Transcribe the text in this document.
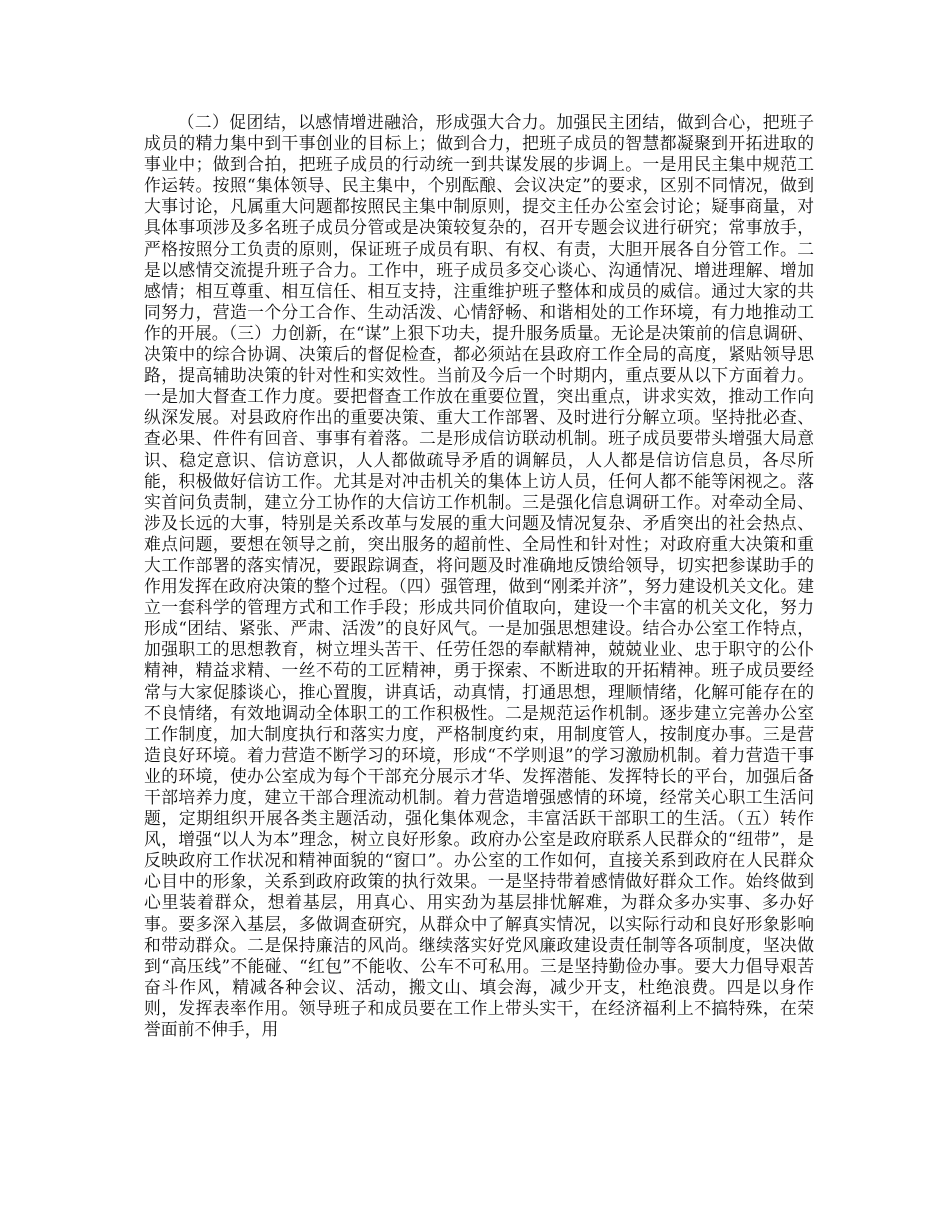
（二）促团结，以感情增进融洽，形成强大合力。加强民主团结，做到合心，把班子成员的精力集中到干事创业的目标上；做到合力，把班子成员的智慧都凝聚到开拓进取的事业中；做到合拍，把班子成员的行动统一到共谋发展的步调上。一是用民主集中规范工作运转。按照“集体领导、民主集中，个别酝酿、会议决定”的要求，区别不同情况，做到大事讨论，凡属重大问题都按照民主集中制原则，提交主任办公室会讨论；疑事商量，对具体事项涉及多名班子成员分管或是决策较复杂的，召开专题会议进行研究；常事放手，严格按照分工负责的原则，保证班子成员有职、有权、有责，大胆开展各自分管工作。二是以感情交流提升班子合力。工作中，班子成员多交心谈心、沟通情况、增进理解、增加感情；相互尊重、相互信任、相互支持，注重维护班子整体和成员的威信。通过大家的共同努力，营造一个分工合作、生动活泼、心情舒畅、和谐相处的工作环境，有力地推动工作的开展。（三）力创新，在“谋”上狠下功夫，提升服务质量。无论是决策前的信息调研、决策中的综合协调、决策后的督促检查，都必须站在县政府工作全局的高度，紧贴领导思路，提高辅助决策的针对性和实效性。当前及今后一个时期内，重点要从以下方面着力。一是加大督查工作力度。要把督查工作放在重要位置，突出重点，讲求实效，推动工作向纵深发展。对县政府作出的重要决策、重大工作部署、及时进行分解立项。坚持批必查、查必果、件件有回音、事事有着落。二是形成信访联动机制。班子成员要带头增强大局意识、稳定意识、信访意识，人人都做疏导矛盾的调解员，人人都是信访信息员，各尽所能，积极做好信访工作。尤其是对冲击机关的集体上访人员，任何人都不能等闲视之。落实首问负责制，建立分工协作的大信访工作机制。三是强化信息调研工作。对牵动全局、涉及长远的大事，特别是关系改革与发展的重大问题及情况复杂、矛盾突出的社会热点、难点问题，要想在领导之前，突出服务的超前性、全局性和针对性；对政府重大决策和重大工作部署的落实情况，要跟踪调查，将问题及时准确地反馈给领导，切实把参谋助手的作用发挥在政府决策的整个过程。（四）强管理，做到“刚柔并济”，努力建设机关文化。建立一套科学的管理方式和工作手段；形成共同价值取向，建设一个丰富的机关文化，努力形成“团结、紧张、严肃、活泼”的良好风气。一是加强思想建设。结合办公室工作特点，加强职工的思想教育，树立埋头苦干、任劳任怨的奉献精神，兢兢业业、忠于职守的公仆精神，精益求精、一丝不苟的工匠精神，勇于探索、不断进取的开拓精神。班子成员要经常与大家促膝谈心，推心置腹，讲真话，动真情，打通思想，理顺情绪，化解可能存在的不良情绪，有效地调动全体职工的工作积极性。二是规范运作机制。逐步建立完善办公室工作制度，加大制度执行和落实力度，严格制度约束，用制度管人，按制度办事。三是营造良好环境。着力营造不断学习的环境，形成“不学则退”的学习激励机制。着力营造干事业的环境，使办公室成为每个干部充分展示才华、发挥潜能、发挥特长的平台，加强后备干部培养力度，建立干部合理流动机制。着力营造增强感情的环境，经常关心职工生活问题，定期组织开展各类主题活动，强化集体观念，丰富活跃干部职工的生活。（五）转作风，增强“以人为本”理念，树立良好形象。政府办公室是政府联系人民群众的“纽带”，是反映政府工作状况和精神面貌的“窗口”。办公室的工作如何，直接关系到政府在人民群众心目中的形象，关系到政府政策的执行效果。一是坚持带着感情做好群众工作。始终做到心里装着群众，想着基层，用真心、用实劲为基层排忧解难，为群众多办实事、多办好事。要多深入基层，多做调查研究，从群众中了解真实情况，以实际行动和良好形象影响和带动群众。二是保持廉洁的风尚。继续落实好党风廉政建设责任制等各项制度，坚决做到“高压线”不能碰、“红包”不能收、公车不可私用。三是坚持勤俭办事。要大力倡导艰苦奋斗作风，精减各种会议、活动，搬文山、填会海，减少开支，杜绝浪费。四是以身作则，发挥表率作用。领导班子和成员要在工作上带头实干，在经济福利上不搞特殊，在荣誉面前不伸手，用
